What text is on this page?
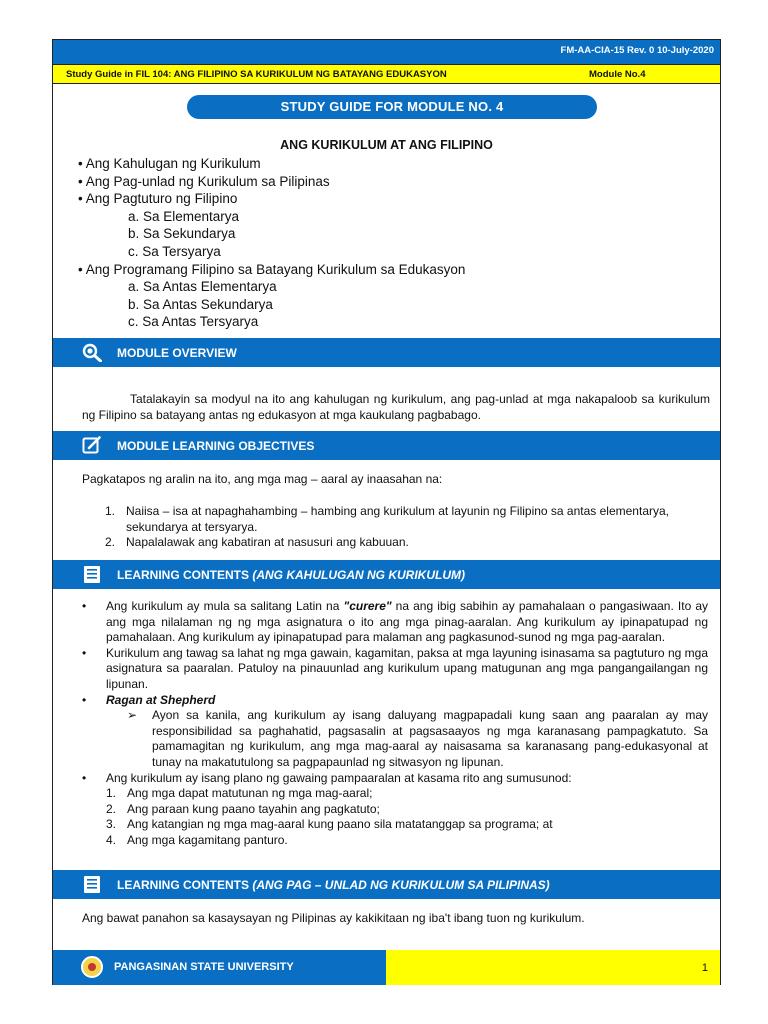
FM-AA-CIA-15 Rev. 0 10-July-2020
Study Guide in FIL 104: ANG FILIPINO SA KURIKULUM NG BATAYANG EDUKASYON	Module No.4
STUDY GUIDE FOR MODULE NO. 4
ANG KURIKULUM AT ANG FILIPINO
• Ang Kahulugan ng Kurikulum
• Ang Pag-unlad ng Kurikulum sa Pilipinas
• Ang Pagtuturo ng Filipino
a. Sa Elementarya
b. Sa Sekundarya
c. Sa Tersyarya
• Ang Programang Filipino sa Batayang Kurikulum sa Edukasyon
a. Sa Antas Elementarya
b. Sa Antas Sekundarya
c. Sa Antas Tersyarya
MODULE OVERVIEW
Tatalakayin sa modyul na ito ang kahulugan ng kurikulum, ang pag-unlad at mga nakapaloob sa kurikulum ng Filipino sa batayang antas ng edukasyon at mga kaukulang pagbabago.
MODULE LEARNING OBJECTIVES
Pagkatapos ng aralin na ito, ang mga mag – aaral ay inaasahan na:
1. Naiisa – isa at napaghahambing – hambing ang kurikulum at layunin ng Filipino sa antas elementarya, sekundarya at tersyarya.
2. Napalalawak ang kabatiran at nasusuri ang kabuuan.
LEARNING CONTENTS (ANG KAHULUGAN NG KURIKULUM)
• Ang kurikulum ay mula sa salitang Latin na "curere" na ang ibig sabihin ay pamahalaan o pangasiwaan. Ito ay ang mga nilalaman ng ng mga asignatura o ito ang mga pinag-aaralan. Ang kurikulum ay ipinapatupad ng pamahalaan. Ang kurikulum ay ipinapatupad para malaman ang pagkasunod-sunod ng mga pag-aaralan.
• Kurikulum ang tawag sa lahat ng mga gawain, kagamitan, paksa at mga layuning isinasama sa pagtuturo ng mga asignatura sa paaralan. Patuloy na pinauunlad ang kurikulum upang matugunan ang mga pangangailangan ng lipunan.
• Ragan at Shepherd
➢ Ayon sa kanila, ang kurikulum ay isang daluyang magpapadali kung saan ang paaralan ay may responsibilidad sa paghahatid, pagsasalin at pagsasaayos ng mga karanasang pampagkatuto. Sa pamamagitan ng kurikulum, ang mga mag-aaral ay naisasama sa karanasang pang-edukasyonal at tunay na makatutulong sa pagpapaunlad ng sitwasyon ng lipunan.
• Ang kurikulum ay isang plano ng gawaing pampaaralan at kasama rito ang sumusunod:
1. Ang mga dapat matutunan ng mga mag-aaral;
2. Ang paraan kung paano tayahin ang pagkatuto;
3. Ang katangian ng mga mag-aaral kung paano sila matatanggap sa programa; at
4. Ang mga kagamitang panturo.
LEARNING CONTENTS (ANG PAG – UNLAD NG KURIKULUM SA PILIPINAS)
Ang bawat panahon sa kasaysayan ng Pilipinas ay kakikitaan ng iba't ibang tuon ng kurikulum.
PANGASINAN STATE UNIVERSITY	1
